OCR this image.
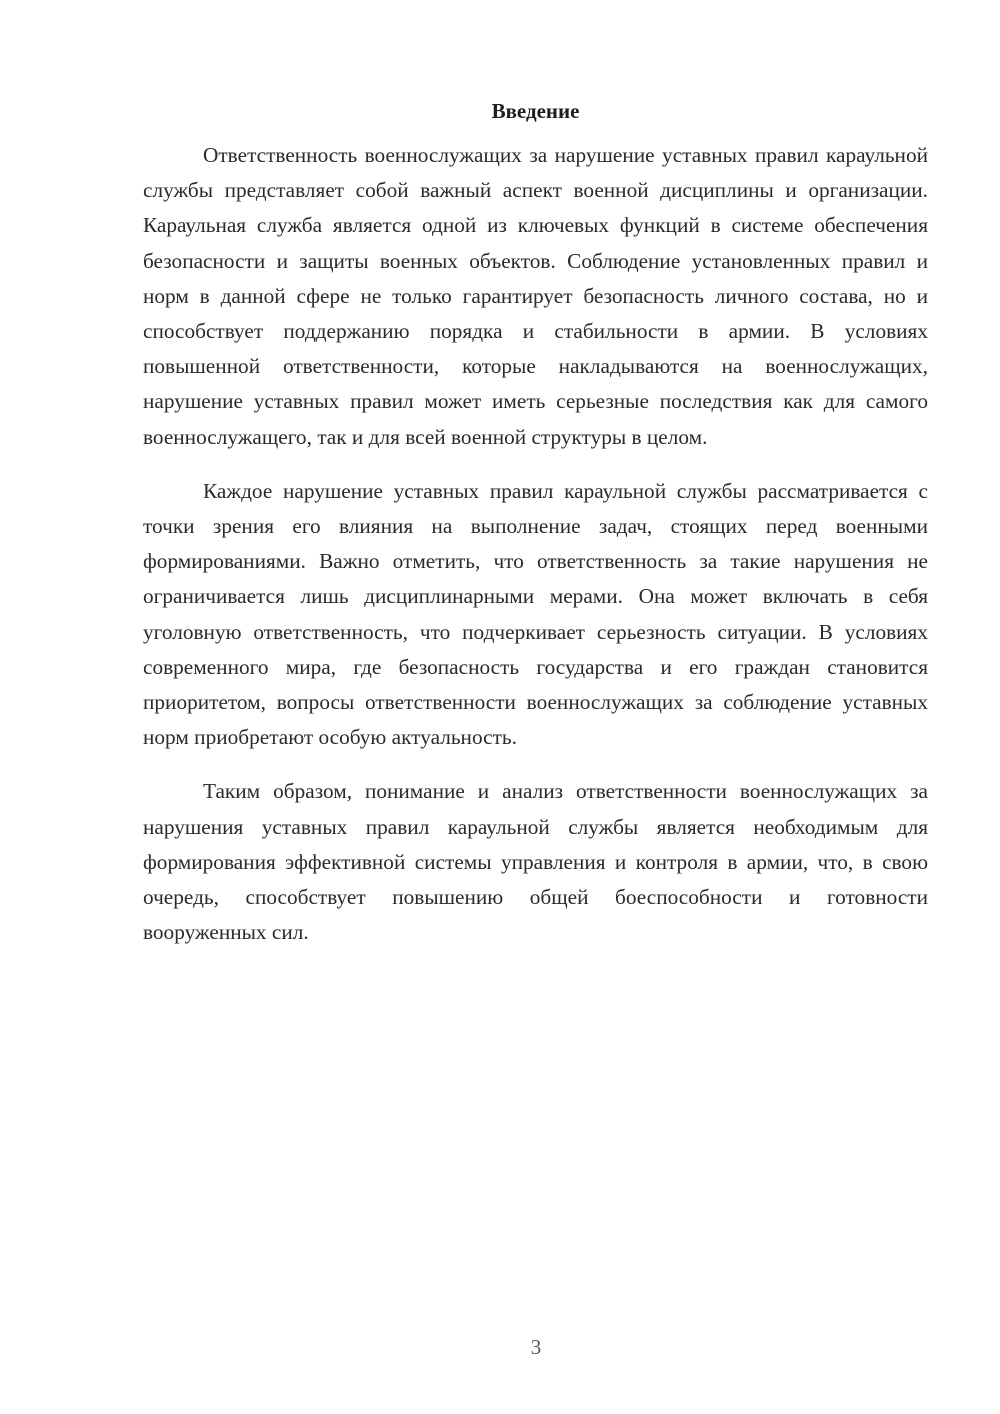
Введение

Ответственность военнослужащих за нарушение уставных правил караульной службы представляет собой важный аспект военной дисциплины и организации. Караульная служба является одной из ключевых функций в системе обеспечения безопасности и защиты военных объектов. Соблюдение установленных правил и норм в данной сфере не только гарантирует безопасность личного состава, но и способствует поддержанию порядка и стабильности в армии. В условиях повышенной ответственности, которые накладываются на военнослужащих, нарушение уставных правил может иметь серьезные последствия как для самого военнослужащего, так и для всей военной структуры в целом.

Каждое нарушение уставных правил караульной службы рассматривается с точки зрения его влияния на выполнение задач, стоящих перед военными формированиями. Важно отметить, что ответственность за такие нарушения не ограничивается лишь дисциплинарными мерами. Она может включать в себя уголовную ответственность, что подчеркивает серьезность ситуации. В условиях современного мира, где безопасность государства и его граждан становится приоритетом, вопросы ответственности военнослужащих за соблюдение уставных норм приобретают особую актуальность.

Таким образом, понимание и анализ ответственности военнослужащих за нарушения уставных правил караульной службы является необходимым для формирования эффективной системы управления и контроля в армии, что, в свою очередь, способствует повышению общей боеспособности и готовности вооруженных сил.

3
